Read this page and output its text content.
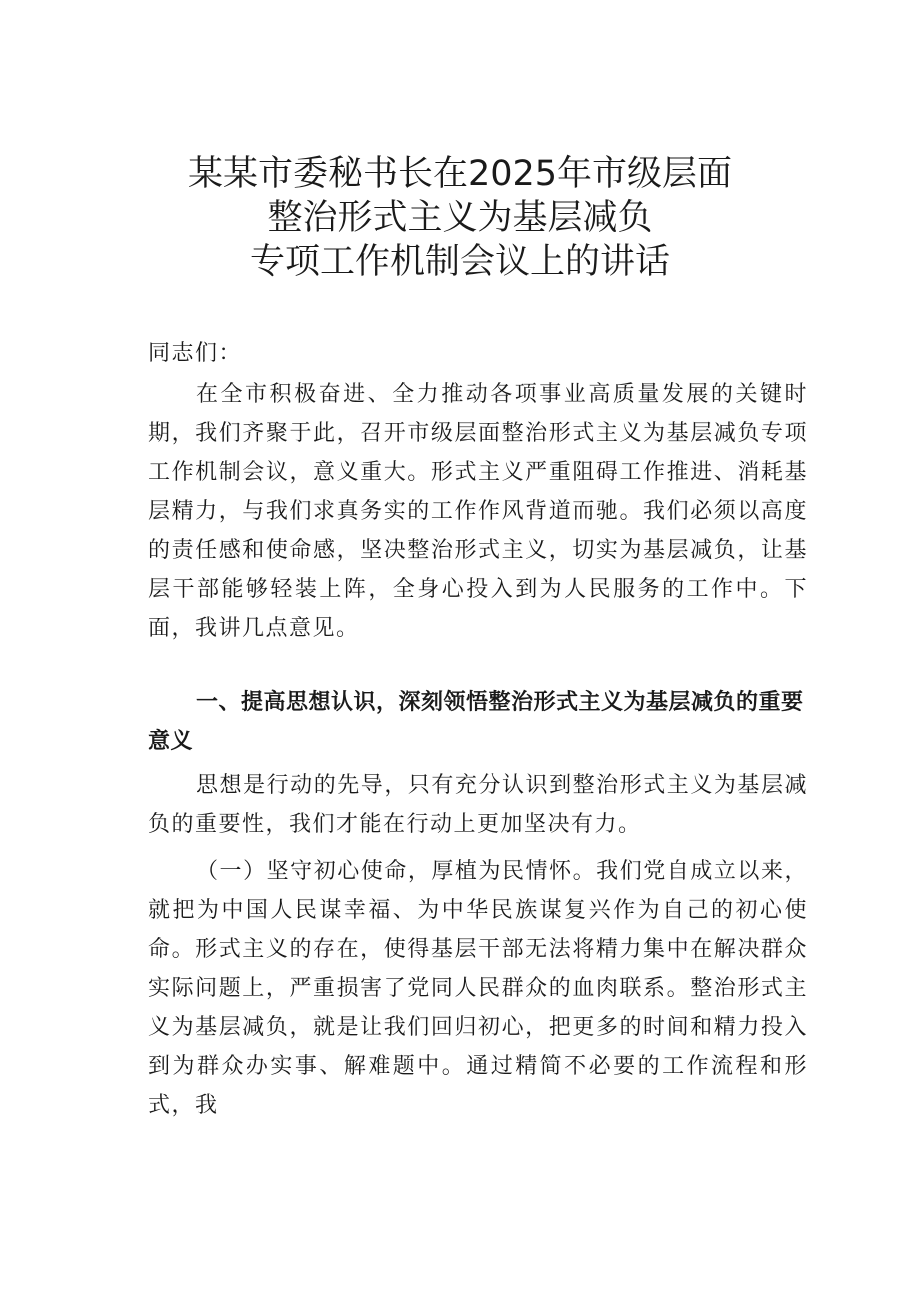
某某市委秘书长在2025年市级层面
整治形式主义为基层减负
专项工作机制会议上的讲话
同志们：
在全市积极奋进、全力推动各项事业高质量发展的关键时期，我们齐聚于此，召开市级层面整治形式主义为基层减负专项工作机制会议，意义重大。形式主义严重阻碍工作推进、消耗基层精力，与我们求真务实的工作作风背道而驰。我们必须以高度的责任感和使命感，坚决整治形式主义，切实为基层减负，让基层干部能够轻装上阵，全身心投入到为人民服务的工作中。下面，我讲几点意见。
一、提高思想认识，深刻领悟整治形式主义为基层减负的重要意义
思想是行动的先导，只有充分认识到整治形式主义为基层减负的重要性，我们才能在行动上更加坚决有力。
（一）坚守初心使命，厚植为民情怀。我们党自成立以来，就把为中国人民谋幸福、为中华民族谋复兴作为自己的初心使命。形式主义的存在，使得基层干部无法将精力集中在解决群众实际问题上，严重损害了党同人民群众的血肉联系。整治形式主义为基层减负，就是让我们回归初心，把更多的时间和精力投入到为群众办实事、解难题中。通过精简不必要的工作流程和形式，我
